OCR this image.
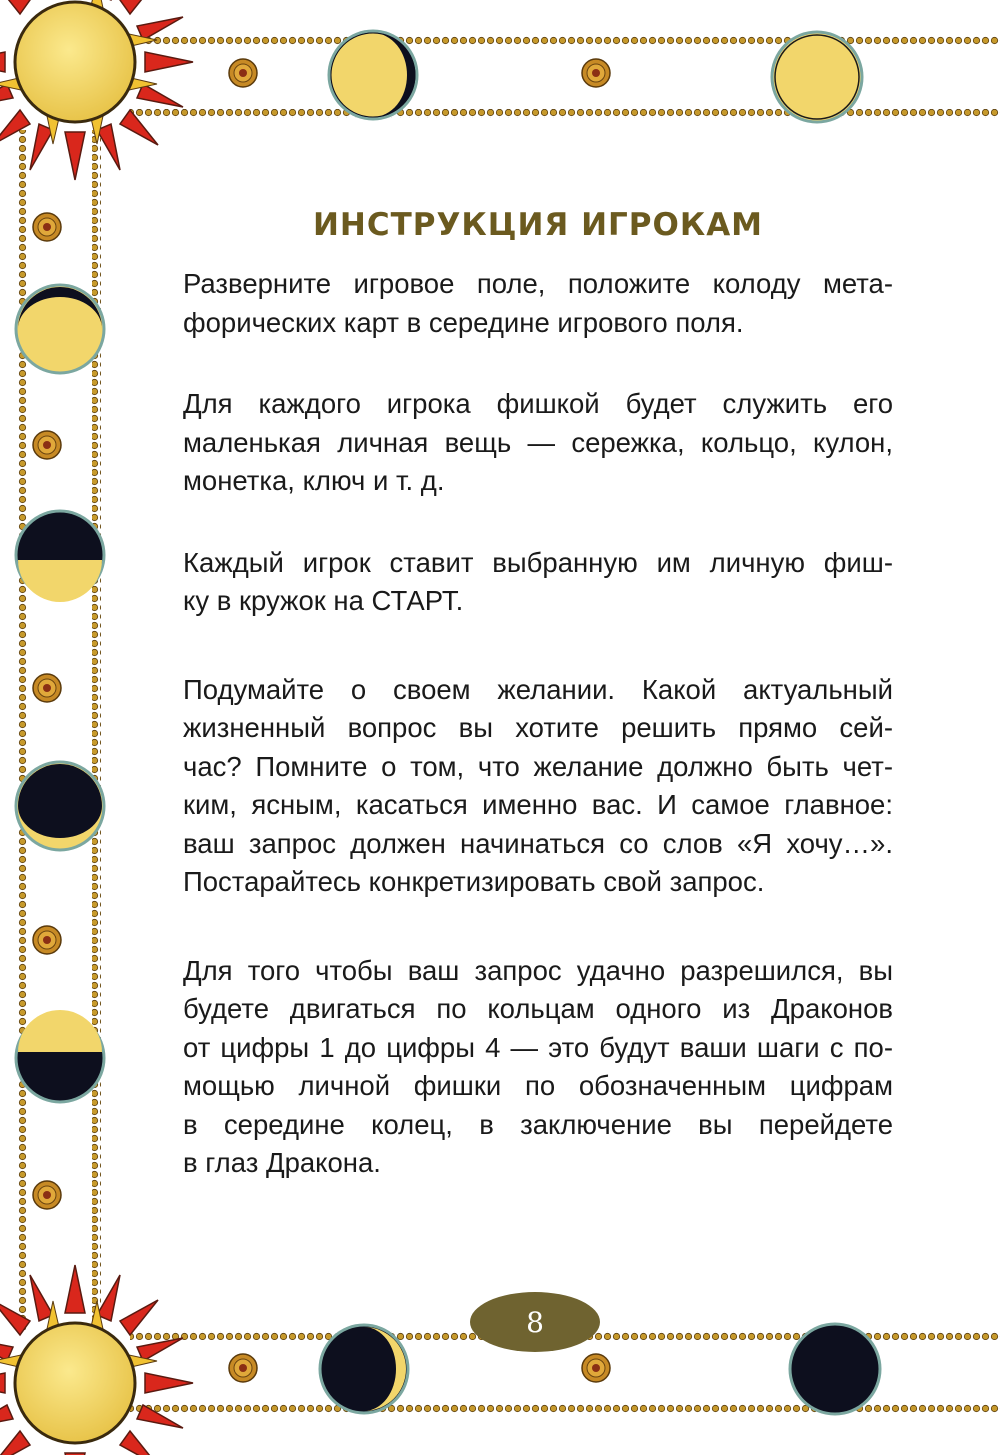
ИНСТРУКЦИЯ ИГРОКАМ

Разверните игровое поле, положите колоду мета-
форических карт в середине игрового поля.

Для каждого игрока фишкой будет служить его
маленькая личная вещь — сережка, кольцо, кулон,
монетка, ключ и т. д.

Каждый игрок ставит выбранную им личную фиш-
ку в кружок на СТАРТ.

Подумайте о своем желании. Какой актуальный
жизненный вопрос вы хотите решить прямо сей-
час? Помните о том, что желание должно быть чет-
ким, ясным, касаться именно вас. И самое главное:
ваш запрос должен начинаться со слов «Я хочу…».
Постарайтесь конкретизировать свой запрос.

Для того чтобы ваш запрос удачно разрешился, вы
будете двигаться по кольцам одного из Драконов
от цифры 1 до цифры 4 — это будут ваши шаги с по-
мощью личной фишки по обозначенным цифрам
в середине колец, в заключение вы перейдете
в глаз Дракона.

8
